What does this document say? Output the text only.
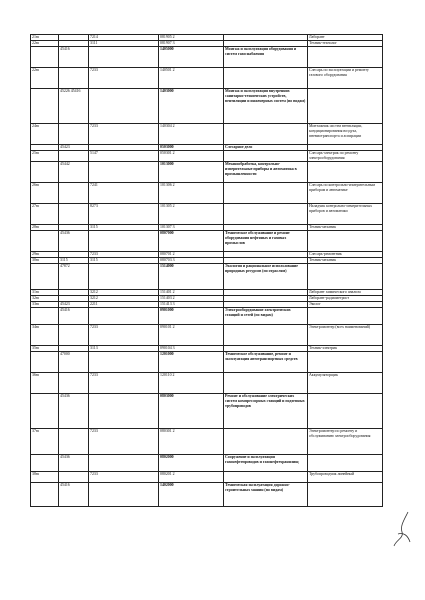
21m		7214	081905 2		Лаборант
22m		3111	081907 3		Техник-технолог
	45416		1405000	Монтаж и эксплуатация оборудования и систем газоснабжения	
22m		7233	140501 2		Слесарь по эксплуатации и ремонту газового оборудования
	45226 45416		1403000	Монтаж и эксплуатация внутренних санитарно-технических устройств, вентиляции и инженерных систем (по видам)	
24m		7233	140304 2		Монтажник систем вентиляции, кондиционирования воздуха, пневмотранспорта и аспирации
	45423		0503000	Слесарное дело	
25m		5147	050301 2		Слесарь-электрик по ремонту электрооборудования
	45442		1013000	Механообработка, контрольно-измерительные приборы и автоматика в промышленности	
26m		7241	101306 2		Слесарь по контрольно-измерительным приборам и автоматике
27m		8273	101305 2		Наладчик контрольно-измерительных приборов и автоматики
28m		3115	101307 3		Техник-механик
	45436		0807000	Техническое обслуживание и ремонт оборудования нефтяных и газовых промыслов	
29m		7233	080701 2		Слесарь-ремонтник
30m	3115	3115	080703 3		Техник-механик
	47872		1514000	Экология и рациональное использование природных ресурсов (по отраслям)	
31m		3212	151401 2		Лаборант химического анализа
32m		3212	151403 2		Лаборант-радиометрист
33m	45423	2211	151413 3		Эколог
	45416		0901000	Электрооборудование электрических станций и сетей (по видам)	
34m		7233	090101 2		Электромонтер (всех наименований)
35m		3113	090104 3		Техник-электрик
	47000		1201000	Техническое обслуживание, ремонт и эксплуатация автотранспортных средств	
36m		7233	120110 2		Аккумуляторщик
	45436		0803000	Ремонт и обслуживание электрических систем компрессорных станций и подземных трубопроводов	
37m		7233	080301 2		Электромонтер по ремонту и обслуживанию электрооборудования
	45436		0802000	Сооружение и эксплуатация газонефтепроводов и газонефтехранилищ	
38m		7233	080201 2		Трубопроводчик линейный
	45416		1402000	Техническая эксплуатация дорожно-строительных машин (по видам)	
